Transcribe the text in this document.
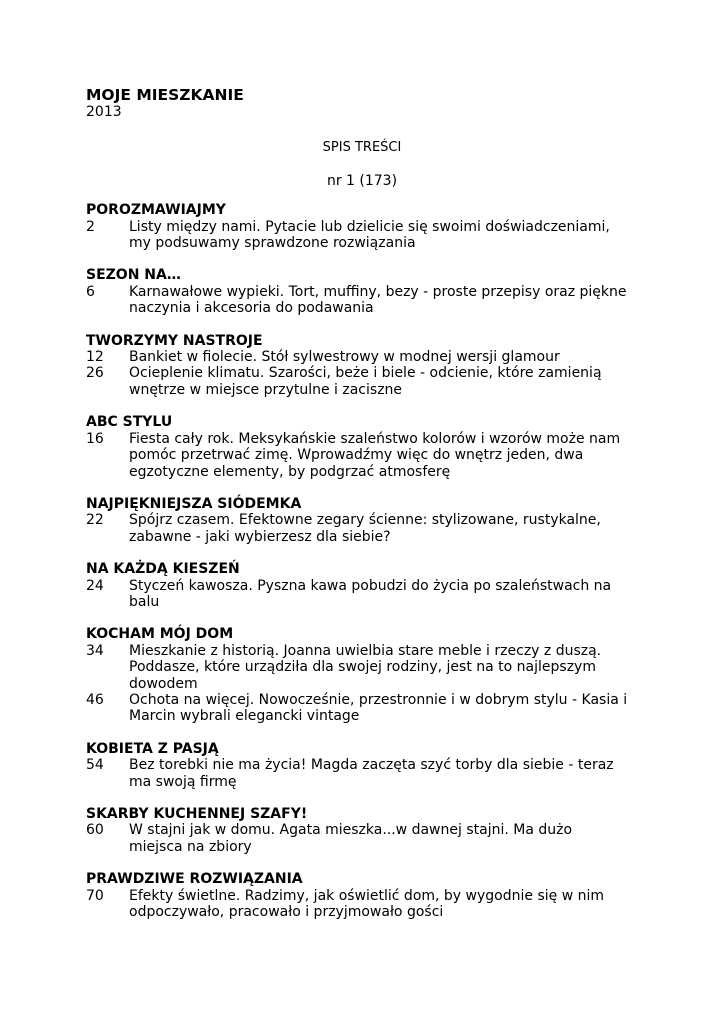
MOJE MIESZKANIE

2013

SPIS TREŚCI

nr 1 (173)

POROZMAWIAJMY

2	Listy między nami. Pytacie lub dzielicie się swoimi doświadczeniami, my podsuwamy sprawdzone rozwiązania

SEZON NA…

6	Karnawałowe wypieki. Tort, muffiny, bezy - proste przepisy oraz piękne naczynia i akcesoria do podawania

TWORZYMY NASTROJE

12	Bankiet w fiolecie. Stół sylwestrowy w modnej wersji glamour
26	Ocieplenie klimatu. Szarości, beże i biele - odcienie, które zamienią wnętrze w miejsce przytulne i zaciszne

ABC STYLU

16	Fiesta cały rok. Meksykańskie szaleństwo kolorów i wzorów może nam pomóc przetrwać zimę. Wprowadźmy więc do wnętrz jeden, dwa egzotyczne elementy, by podgrzać atmosferę

NAJPIĘKNIEJSZA SIÓDEMKA

22	Spójrz czasem. Efektowne zegary ścienne: stylizowane, rustykalne, zabawne - jaki wybierzesz dla siebie?

NA KAŻDĄ KIESZEŃ

24	Styczeń kawosza. Pyszna kawa pobudzi do życia po szaleństwach na balu

KOCHAM MÓJ DOM

34	Mieszkanie z historią. Joanna uwielbia stare meble i rzeczy z duszą. Poddasze, które urządziła dla swojej rodziny, jest na to najlepszym dowodem
46	Ochota na więcej. Nowocześnie, przestronnie i w dobrym stylu - Kasia i Marcin wybrali elegancki vintage

KOBIETA Z PASJĄ

54	Bez torebki nie ma życia! Magda zaczęta szyć torby dla siebie - teraz ma swoją firmę

SKARBY KUCHENNEJ SZAFY!

60	W stajni jak w domu. Agata mieszka...w dawnej stajni. Ma dużo miejsca na zbiory

PRAWDZIWE ROZWIĄZANIA

70	Efekty świetlne. Radzimy, jak oświetlić dom, by wygodnie się w nim odpoczywało, pracowało i przyjmowało gości
